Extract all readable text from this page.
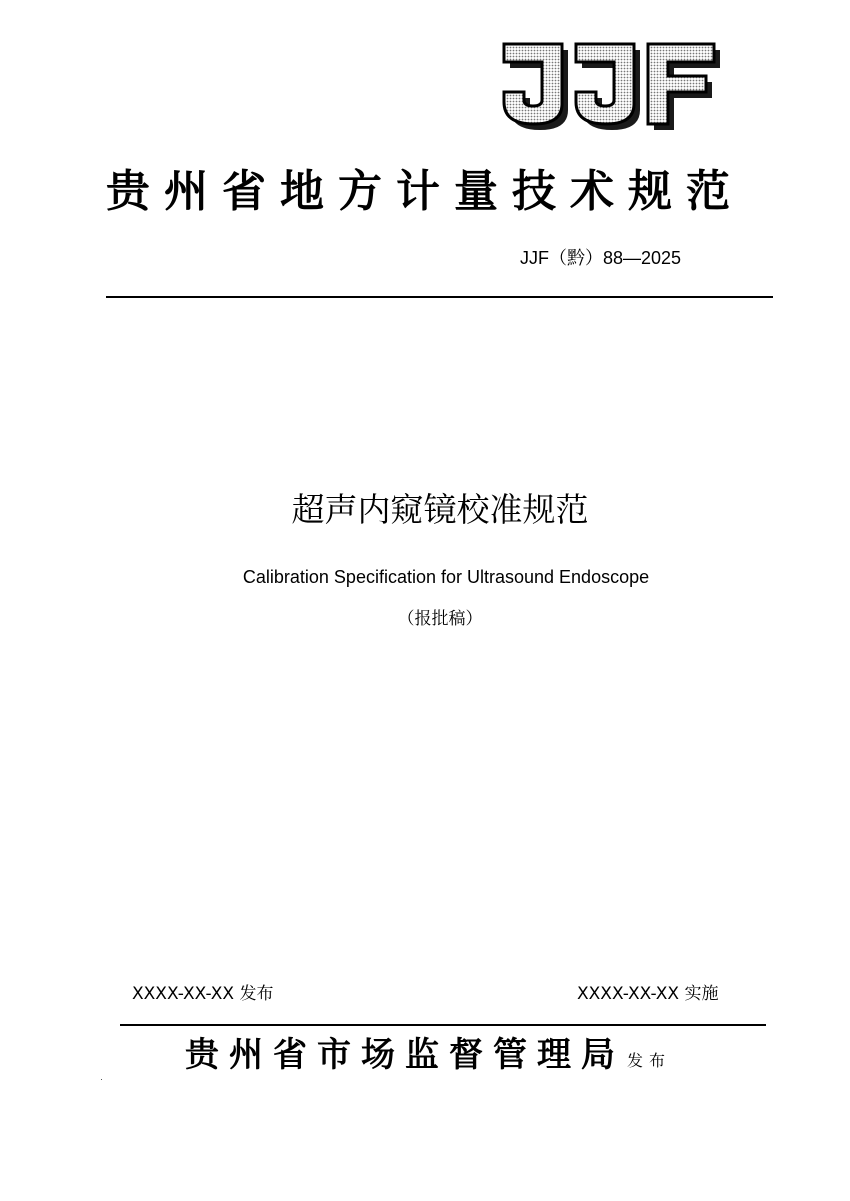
贵州省地方计量技术规范
JJF（黔）88—2025
超声内窥镜校准规范
Calibration Specification for Ultrasound Endoscope
（报批稿）
XXXX-XX-XX 发布	XXXX-XX-XX 实施
贵州省市场监督管理局 发布
